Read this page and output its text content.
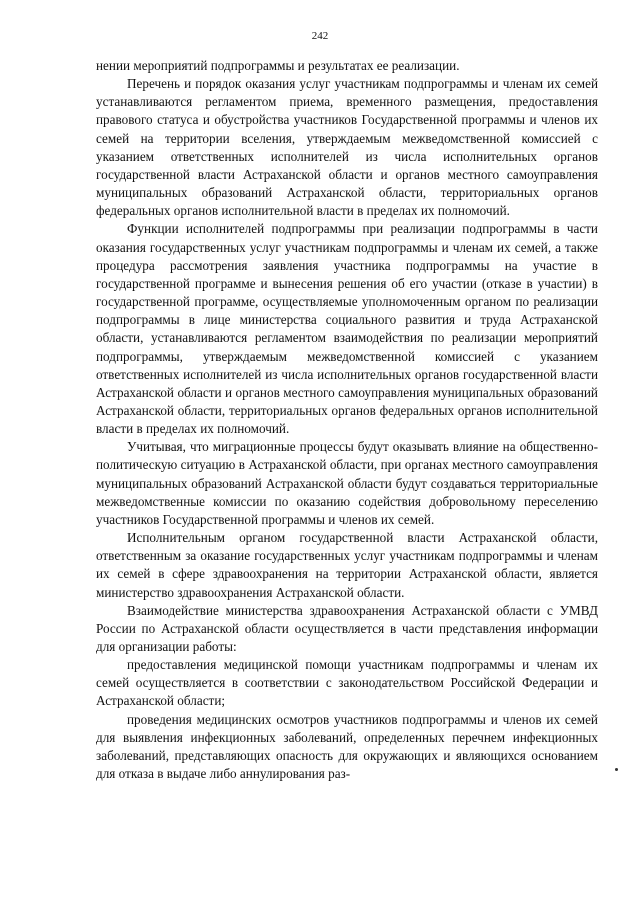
242

нении мероприятий подпрограммы и результатах ее реализации.

Перечень и порядок оказания услуг участникам подпрограммы и членам их семей устанавливаются регламентом приема, временного размещения, предоставления правового статуса и обустройства участников Государственной программы и членов их семей на территории вселения, утверждаемым межведомственной комиссией с указанием ответственных исполнителей из числа исполнительных органов государственной власти Астраханской области и органов местного самоуправления муниципальных образований Астраханской области, территориальных органов федеральных органов исполнительной власти в пределах их полномочий.

Функции исполнителей подпрограммы при реализации подпрограммы в части оказания государственных услуг участникам подпрограммы и членам их семей, а также процедура рассмотрения заявления участника подпрограммы на участие в государственной программе и вынесения решения об его участии (отказе в участии) в государственной программе, осуществляемые уполномоченным органом по реализации подпрограммы в лице министерства социального развития и труда Астраханской области, устанавливаются регламентом взаимодействия по реализации мероприятий подпрограммы, утверждаемым межведомственной комиссией с указанием ответственных исполнителей из числа исполнительных органов государственной власти Астраханской области и органов местного самоуправления муниципальных образований Астраханской области, территориальных органов федеральных органов исполнительной власти в пределах их полномочий.

Учитывая, что миграционные процессы будут оказывать влияние на общественно-политическую ситуацию в Астраханской области, при органах местного самоуправления муниципальных образований Астраханской области будут создаваться территориальные межведомственные комиссии по оказанию содействия добровольному переселению участников Государственной программы и членов их семей.

Исполнительным органом государственной власти Астраханской области, ответственным за оказание государственных услуг участникам подпрограммы и членам их семей в сфере здравоохранения на территории Астраханской области, является министерство здравоохранения Астраханской области.

Взаимодействие министерства здравоохранения Астраханской области с УМВД России по Астраханской области осуществляется в части представления информации для организации работы:

предоставления медицинской помощи участникам подпрограммы и членам их семей осуществляется в соответствии с законодательством Российской Федерации и Астраханской области;

проведения медицинских осмотров участников подпрограммы и членов их семей для выявления инфекционных заболеваний, определенных перечнем инфекционных заболеваний, представляющих опасность для окружающих и являющихся основанием для отказа в выдаче либо аннулирования раз-
